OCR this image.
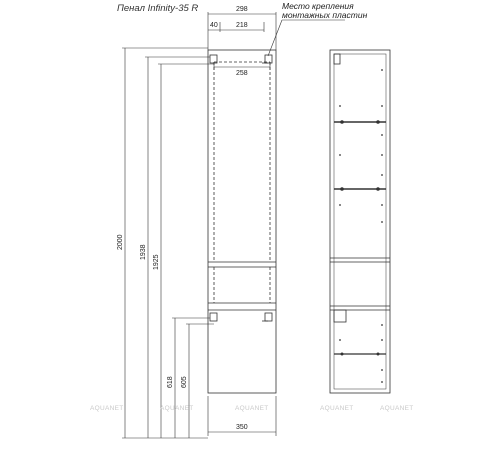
Пенал Infinity-35 R	Место крепления
монтажных пластин
298
40	218
258
350
2000
1938
1925
618 605
AQUANET	AQUANET	AQUANET	AQUANET	AQUANET
